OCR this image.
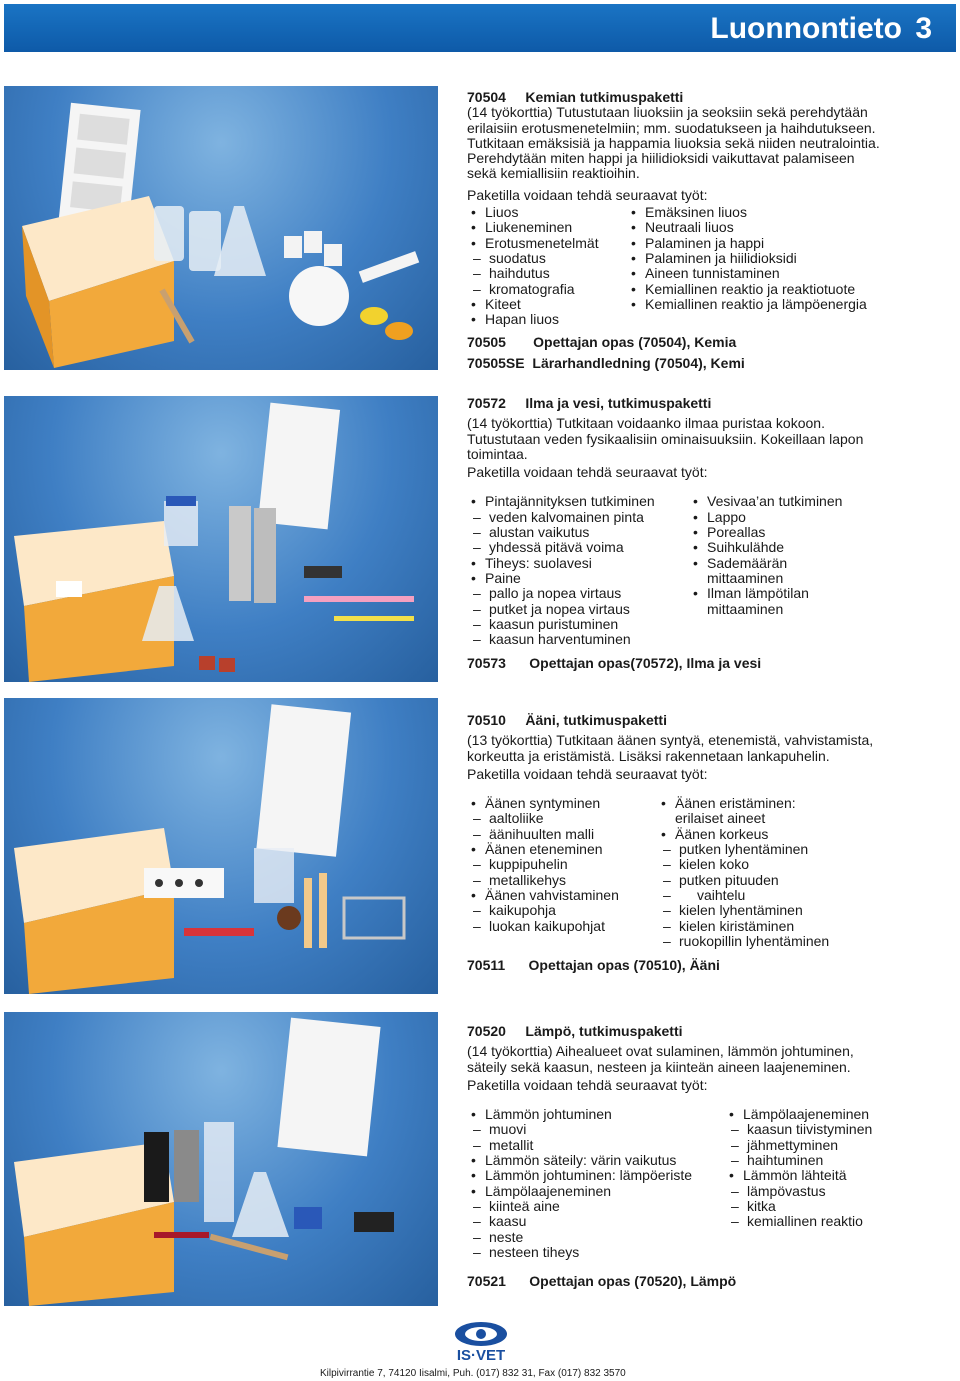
Luonnontieto 3
70504 Kemian tutkimuspaketti
(14 työkorttia) Tutustutaan liuoksiin ja seoksiin sekä perehdytään
erilaisiin erotusmenetelmiin; mm. suodatukseen ja haihdutukseen.
Tutkitaan emäksisiä ja happamia liuoksia sekä niiden neutralointia.
Perehdytään miten happi ja hiilidioksidi vaikuttavat palamiseen
sekä kemiallisiin reaktioihin.
Paketilla voidaan tehdä seuraavat työt:
• Liuos
• Liukeneminen
• Erotusmenetelmät
– suodatus
– haihdutus
– kromatografia
• Kiteet
• Hapan liuos
• Emäksinen liuos
• Neutraali liuos
• Palaminen ja happi
• Palaminen ja hiilidioksidi
• Aineen tunnistaminen
• Kemiallinen reaktio ja reaktiotuote
• Kemiallinen reaktio ja lämpöenergia
70505 Opettajan opas (70504), Kemia
70505SE Lärarhandledning (70504), Kemi
70572 Ilma ja vesi, tutkimuspaketti
(14 työkorttia) Tutkitaan voidaanko ilmaa puristaa kokoon.
Tutustutaan veden fysikaalisiin ominaisuuksiin. Kokeillaan lapon
toimintaa.
Paketilla voidaan tehdä seuraavat työt:
• Pintajännityksen tutkiminen
– veden kalvomainen pinta
– alustan vaikutus
– yhdessä pitävä voima
• Tiheys: suolavesi
• Paine
– pallo ja nopea virtaus
– putket ja nopea virtaus
– kaasun puristuminen
– kaasun harventuminen
• Vesivaa’an tutkiminen
• Lappo
• Poreallas
• Suihkulähde
• Sademäärän
mittaaminen
• Ilman lämpötilan
mittaaminen
70573 Opettajan opas(70572), Ilma ja vesi
70510 Ääni, tutkimuspaketti
(13 työkorttia) Tutkitaan äänen syntyä, etenemistä, vahvistamista,
korkeutta ja eristämistä. Lisäksi rakennetaan lankapuhelin.
Paketilla voidaan tehdä seuraavat työt:
• Äänen syntyminen
– aaltoliike
– äänihuulten malli
• Äänen eteneminen
– kuppipuhelin
– metallikehys
• Äänen vahvistaminen
– kaikupohja
– luokan kaikupohjat
• Äänen eristäminen:
erilaiset aineet
• Äänen korkeus
– putken lyhentäminen
– kielen koko
– putken pituuden
– vaihtelu
– kielen lyhentäminen
– kielen kiristäminen
– ruokopillin lyhentäminen
70511 Opettajan opas (70510), Ääni
70520 Lämpö, tutkimuspaketti
(14 työkorttia) Aihealueet ovat sulaminen, lämmön johtuminen,
säteily sekä kaasun, nesteen ja kiinteän aineen laajeneminen.
Paketilla voidaan tehdä seuraavat työt:
• Lämmön johtuminen
– muovi
– metallit
• Lämmön säteily: värin vaikutus
• Lämmön johtuminen: lämpöeriste
• Lämpölaajeneminen
– kiinteä aine
– kaasu
– neste
– nesteen tiheys
• Lämpölaajeneminen
– kaasun tiivistyminen
– jähmettyminen
– haihtuminen
• Lämmön lähteitä
– lämpövastus
– kitka
– kemiallinen reaktio
70521 Opettajan opas (70520), Lämpö
IS·VET
Kilpivirrantie 7, 74120 Iisalmi, Puh. (017) 832 31, Fax (017) 832 3570
